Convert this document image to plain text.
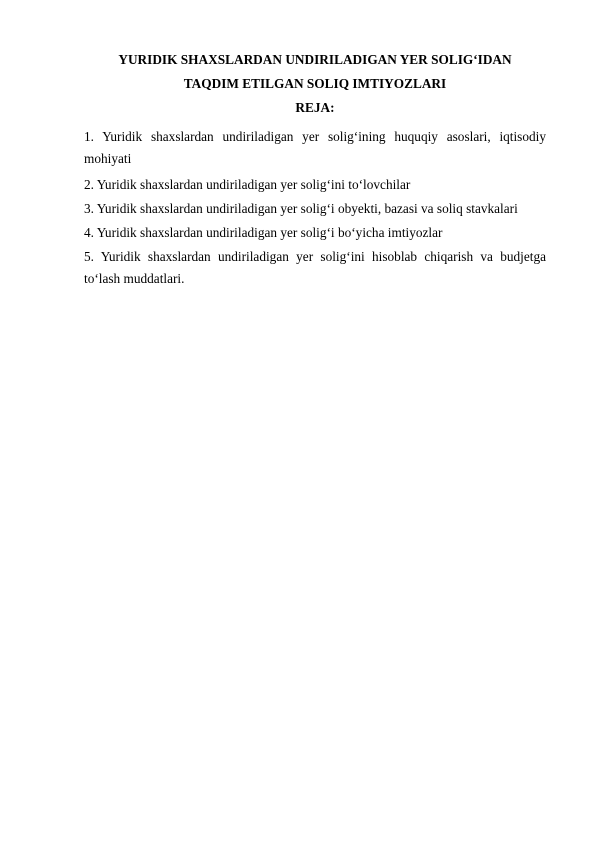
YURIDIK SHAXSLARDAN UNDIRILADIGAN YER SOLIG‘IDAN
TAQDIM ETILGAN SOLIQ IMTIYOZLARI
REJA:
1. Yuridik shaxslardan undiriladigan yer solig‘ining huquqiy asoslari, iqtisodiy mohiyati
2. Yuridik shaxslardan undiriladigan yer solig‘ini to‘lovchilar
3. Yuridik shaxslardan undiriladigan yer solig‘i obyekti, bazasi va soliq stavkalari
4. Yuridik shaxslardan undiriladigan yer solig‘i bo‘yicha imtiyozlar
5. Yuridik shaxslardan undiriladigan yer solig‘ini hisoblab chiqarish va budjetga to‘lash muddatlari.
